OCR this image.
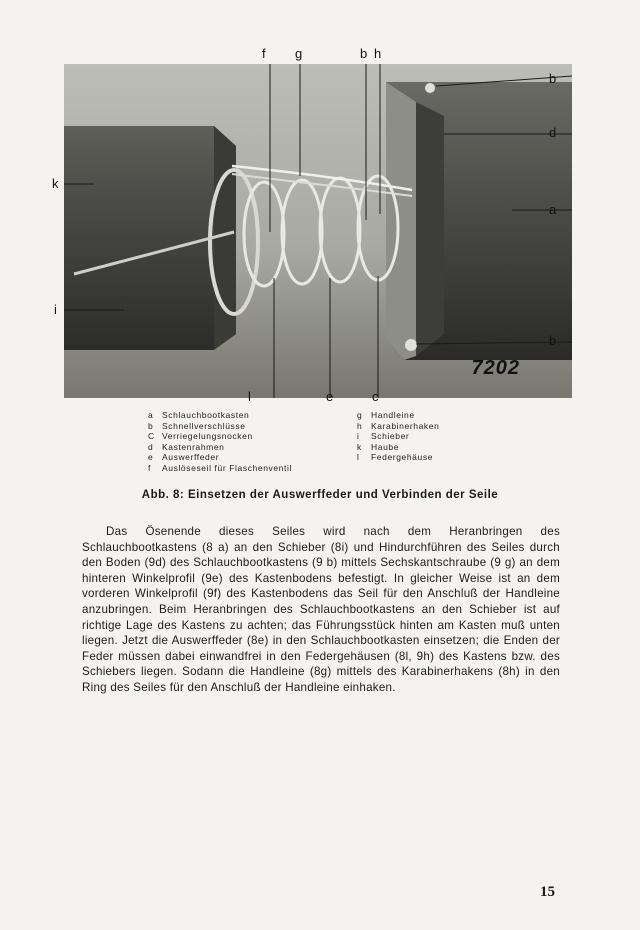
7202
f g	b h
b
d
a
b
k
i
l	e	c
a	Schlauchbootkasten
b	Schnellverschlüsse
C Verriegelungsnocken
d	Kastenrahmen
e	Auswerffeder
f	Auslöseseil für Flaschenventil
g	Handleine
h	Karabinerhaken
i	Schieber
k	Haube
l	Federgehäuse
Abb. 8: Einsetzen der Auswerffeder und Verbinden der Seile

Das Ösenende dieses Seiles wird nach dem Heranbringen des Schlauchbootkastens (8 a) an den Schieber (8i) und Hindurchführen des Seiles durch den Boden (9d) des Schlauchbootkastens (9 b) mittels Sechskantschraube (9 g) an dem hinteren Winkelprofil (9e) des Kastenbodens befestigt. In gleicher Weise ist an dem vorderen Winkelprofil (9f) des Kastenbodens das Seil für den Anschluß der Handleine anzubringen. Beim Heranbringen des Schlauchbootkastens an den Schieber ist auf richtige Lage des Kastens zu achten; das Führungsstück hinten am Kasten muß unten liegen. Jetzt die Auswerffeder (8e) in den Schlauchbootkasten einsetzen; die Enden der Feder müssen dabei einwandfrei in den Federgehäusen (8l, 9h) des Kastens bzw. des Schiebers liegen. Sodann die Handleine (8g) mittels des Karabinerhakens (8h) in den Ring des Seiles für den Anschluß der Handleine einhaken.

15
